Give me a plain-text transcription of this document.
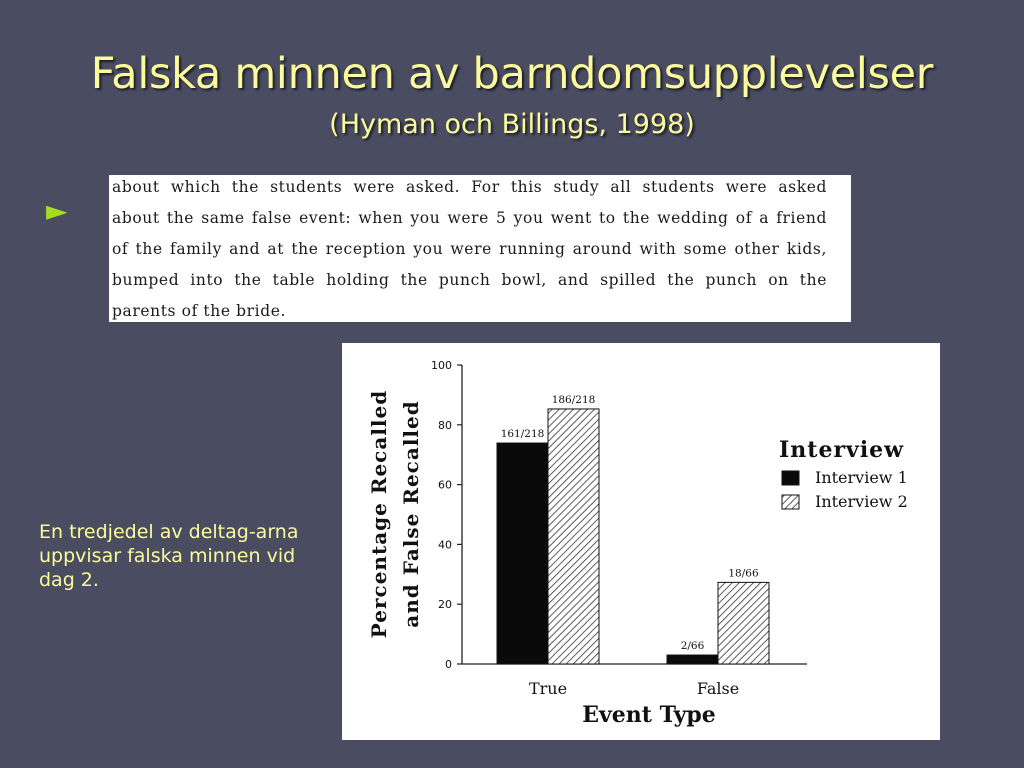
Falska minnen av barndomsupplevelser
(Hyman och Billings, 1998)
►
about which the students were asked. For this study all students were asked
about the same false event: when you were 5 you went to the wedding of a friend
of the family and at the reception you were running around with some other kids,
bumped into the table holding the punch bowl, and spilled the punch on the
parents of the bride.
En tredjedel av deltag-arna uppvisar falska minnen vid dag 2.
0
20
40
60
80
100
161/218
186/218
True
2/66
18/66
False
Event Type
Percentage Recalled and False Recalled	Interview
Interview 1
Interview 2
